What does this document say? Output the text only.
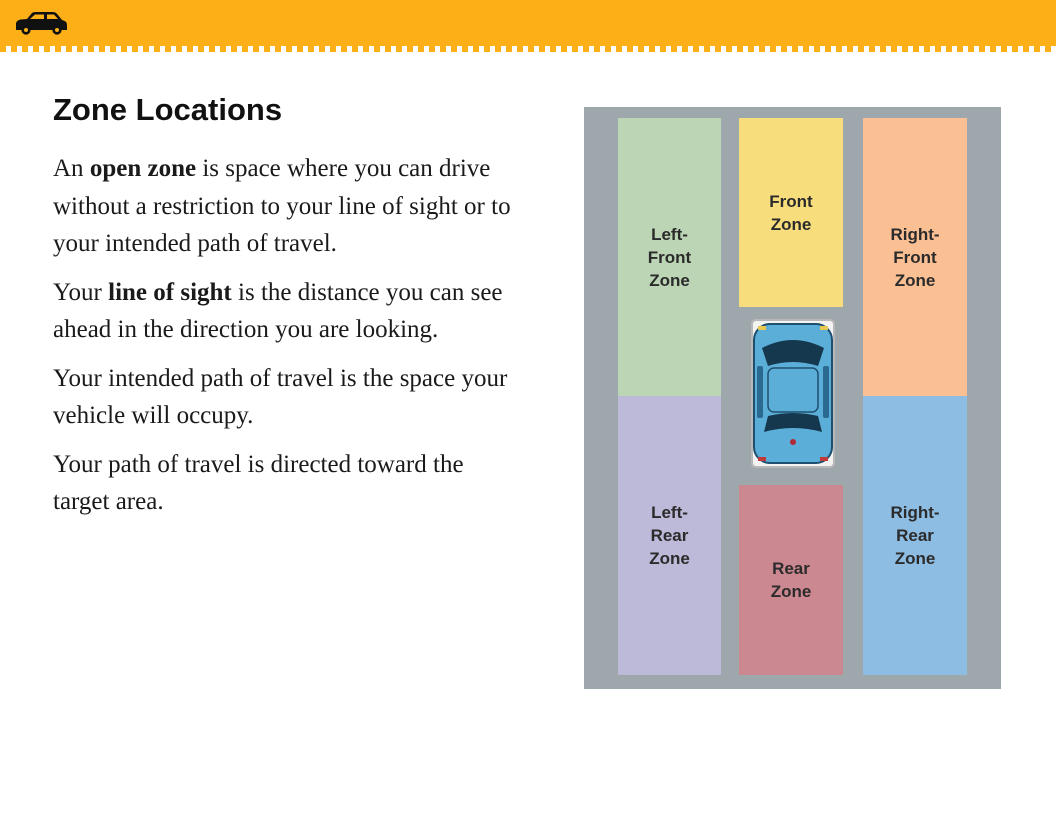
Zone Locations

An open zone is space where you can drive without a restriction to your line of sight or to your intended path of travel.

Your line of sight is the distance you can see ahead in the direction you are looking.

Your intended path of travel is the space your vehicle will occupy.

Your path of travel is directed toward the target area.

Left-
Front
Zone
Left-
Rear
Zone
Front
Zone
Rear
Zone
Right-
Front
Zone
Right-
Rear
Zone
